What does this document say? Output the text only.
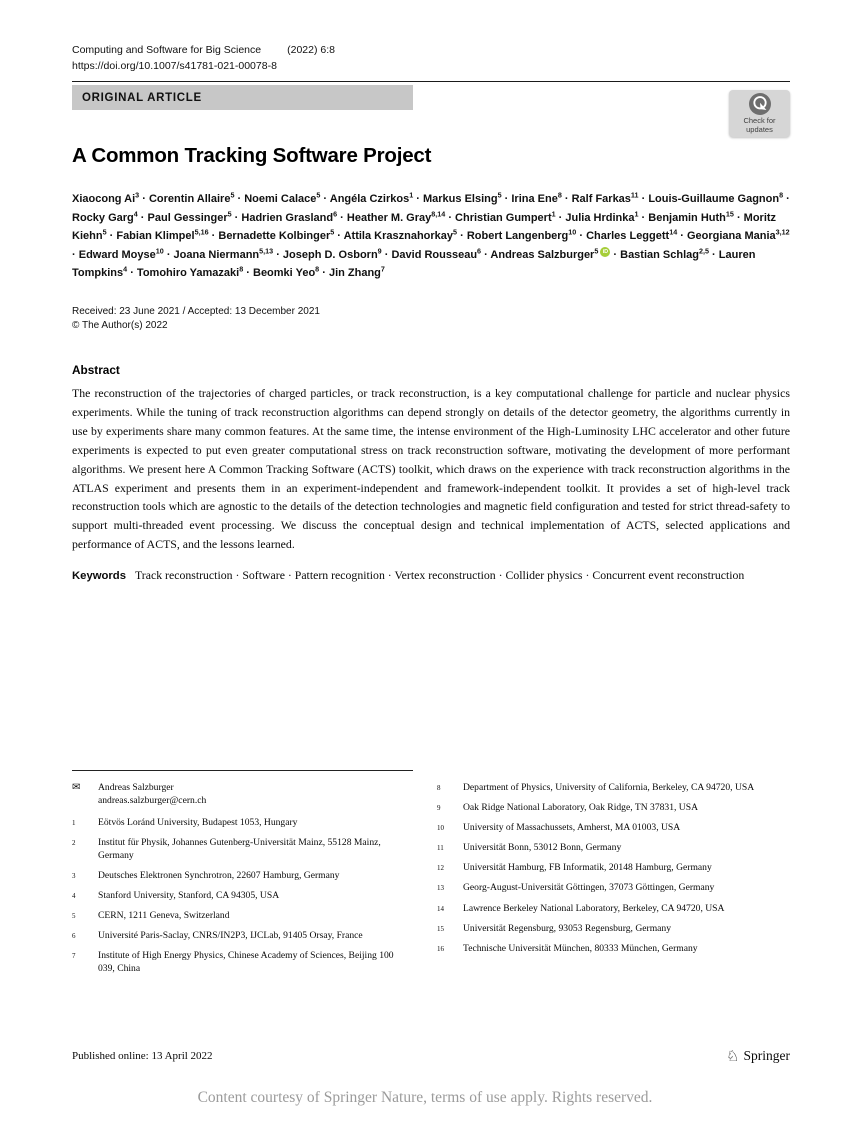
Computing and Software for Big Science (2022) 6:8
https://doi.org/10.1007/s41781-021-00078-8
ORIGINAL ARTICLE
Check for
updates
A Common Tracking Software Project
Xiaocong $Ai^3$ · Corentin Allaire$^5$ · Noemi Calace$^5$ · Angéla Czirkos$^1$ · Markus Elsing$^5$ · Irina Ene$^8$ · Ralf Farkas$^{11}$ · Louis-Guillaume Gagnon$^8$ · Rocky Garg$^4$ · Paul Gessinger$^5$ · Hadrien Grasland$^6$ · Heather M. Gray$^{8,14}$ · Christian Gumpert$^1$ · Julia Hrdinka$^1$ · Benjamin Huth$^{15}$ · Moritz Kiehn$^5$ · Fabian Klimpel$^{5,16}$ · Bernadette Kolbinger$^5$ · Attila Krasznahorkay$^5$ · Robert Langenberg$^{10}$ · Charles Leggett$^{14}$ · Georgiana Mania$^{3,12}$ · Edward Moyse$^{10}$ · Joana Niermann$^{5,13}$ · Joseph D. Osborn$^9$ · David Rousseau$^6$ · Andreas Salzburger$^5$ iD · Bastian Schlag$^{2,5}$ · Lauren Tompkins$^4$ · Tomohiro Yamazaki$^8$ · Beomki Yeo$^8$ · Jin Zhang$^7$
Received: 23 June 2021 / Accepted: 13 December 2021
© The Author(s) 2022
Abstract

The reconstruction of the trajectories of charged particles, or track reconstruction, is a key computational challenge for particle and nuclear physics experiments. While the tuning of track reconstruction algorithms can depend strongly on details of the detector geometry, the algorithms currently in use by experiments share many common features. At the same time, the intense environment of the High-Luminosity LHC accelerator and other future experiments is expected to put even greater computational stress on track reconstruction software, motivating the development of more performant algorithms. We present here A Common Tracking Software (ACTS) toolkit, which draws on the experience with track reconstruction algorithms in the ATLAS experiment and presents them in an experiment-independent and framework-independent toolkit. It provides a set of high-level track reconstruction tools which are agnostic to the details of the detection technologies and magnetic field configuration and tested for strict thread-safety to support multi-threaded event processing. We discuss the conceptual design and technical implementation of ACTS, selected applications and performance of ACTS, and the lessons learned.

Keywords Track reconstruction · Software · Pattern recognition · Vertex reconstruction · Collider physics · Concurrent event reconstruction
✉	Andreas Salzburger
andreas.salzburger@cern.ch
1	Eötvös Loránd University, Budapest 1053, Hungary
2	Institut für Physik, Johannes Gutenberg-Universität Mainz, 55128 Mainz, Germany
3	Deutsches Elektronen Synchrotron, 22607 Hamburg, Germany
4	Stanford University, Stanford, CA 94305, USA
5	CERN, 1211 Geneva, Switzerland
6	Université Paris-Saclay, CNRS/IN2P3, IJCLab, 91405 Orsay, France
7	Institute of High Energy Physics, Chinese Academy of Sciences, Beijing 100 039, China
8	Department of Physics, University of California, Berkeley, CA 94720, USA
9	Oak Ridge National Laboratory, Oak Ridge, TN 37831, USA
10	University of Massachussets, Amherst, MA 01003, USA
11	Universität Bonn, 53012 Bonn, Germany
12	Universität Hamburg, FB Informatik, 20148 Hamburg, Germany
13	Georg-August-Universität Göttingen, 37073 Göttingen, Germany
14	Lawrence Berkeley National Laboratory, Berkeley, CA 94720, USA
15	Universität Regensburg, 93053 Regensburg, Germany
16	Technische Universität München, 80333 München, Germany
Published online: 13 April 2022	♘ Springer
Content courtesy of Springer Nature, terms of use apply. Rights reserved.
